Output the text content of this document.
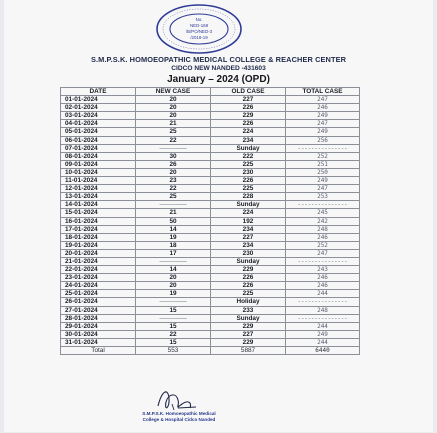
No.
NED-168
/B/PO/NED-3
/2018-19
S.M.P.S.K. HOMOEOPATHIC MEDICAL COLLEGE & REACHER CENTER
CIDCO NEW NANDED -431603
January – 2024 (OPD)
DATE	NEW CASE	OLD CASE	TOTAL CASE
01-01-2024	20	227	247
02-01-2024	20	226	246
03-01-2024	20	229	249
04-01-2024	21	226	247
05-01-2024	25	224	249
06-01-2024	22	234	256
07-01-2024	---------------	Sunday	---------------
08-01-2024	30	222	252
09-01-2024	26	225	251
10-01-2024	20	230	250
11-01-2024	23	226	249
12-01-2024	22	225	247
13-01-2024	25	228	253
14-01-2024	---------------	Sunday	---------------
15-01-2024	21	224	245
16-01-2024	50	192	242
17-01-2024	14	234	248
18-01-2024	19	227	246
19-01-2024	18	234	252
20-01-2024	17	230	247
21-01-2024	---------------	Sunday	---------------
22-01-2024	14	229	243
23-01-2024	20	226	246
24-01-2024	20	226	246
25-01-2024	19	225	244
26-01-2024	---------------	Holiday	---------------
27-01-2024	15	233	248
28-01-2024	---------------	Sunday	---------------
29-01-2024	15	229	244
30-01-2024	22	227	249
31-01-2024	15	229	244
Total	553	5887	6440
S.M.P.S.K. Homoeopathic Medical
College & Hospital Cidco Nanded
